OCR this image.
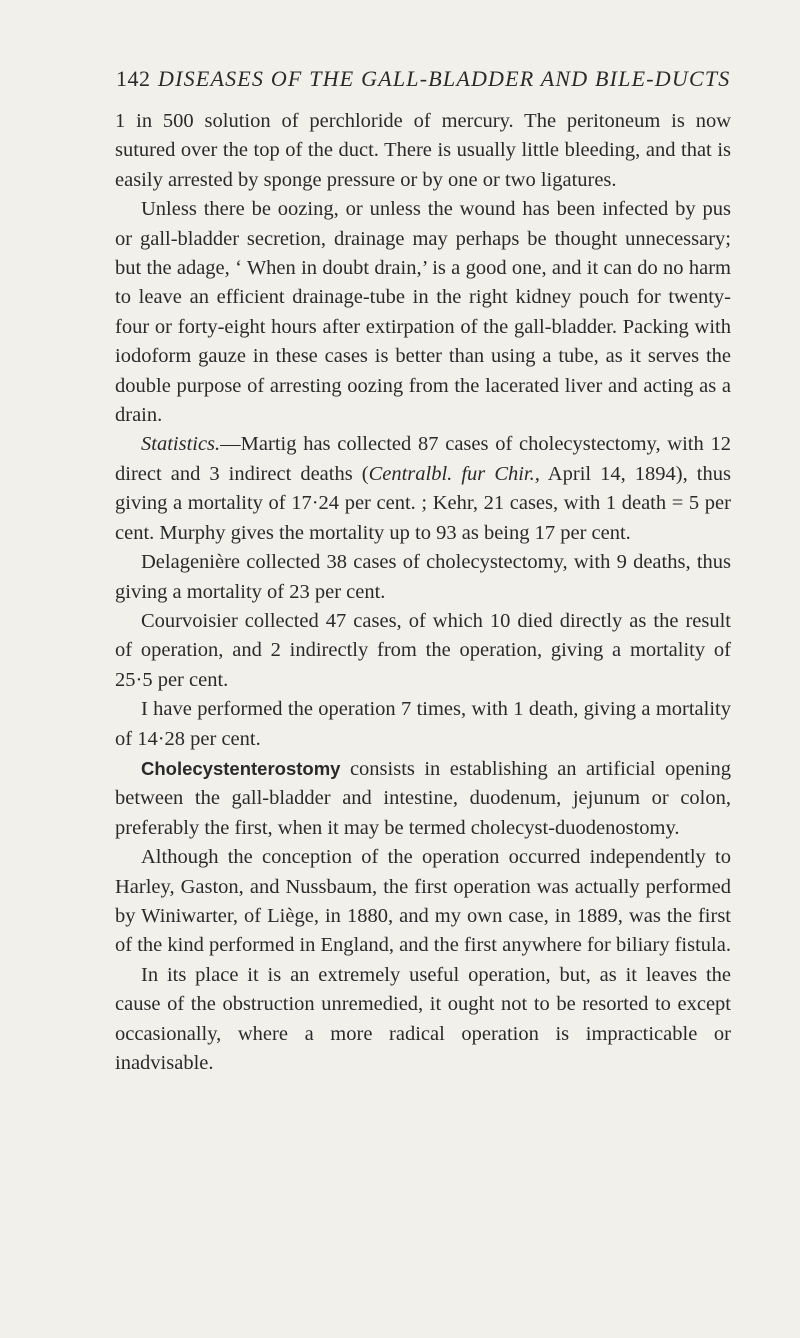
142 DISEASES OF THE GALL-BLADDER AND BILE-DUCTS

1 in 500 solution of perchloride of mercury. The peritoneum is now sutured over the top of the duct. There is usually little bleeding, and that is easily arrested by sponge pressure or by one or two ligatures.

Unless there be oozing, or unless the wound has been infected by pus or gall-bladder secretion, drainage may perhaps be thought unnecessary; but the adage, ‘ When in doubt drain,’ is a good one, and it can do no harm to leave an efficient drainage-tube in the right kidney pouch for twenty-four or forty-eight hours after extirpation of the gall-bladder. Packing with iodoform gauze in these cases is better than using a tube, as it serves the double purpose of arresting oozing from the lacerated liver and acting as a drain.

Statistics.—Martig has collected 87 cases of cholecystectomy, with 12 direct and 3 indirect deaths (Centralbl. fur Chir., April 14, 1894), thus giving a mortality of 17·24 per cent. ; Kehr, 21 cases, with 1 death = 5 per cent. Murphy gives the mortality up to 93 as being 17 per cent.

Delagenière collected 38 cases of cholecystectomy, with 9 deaths, thus giving a mortality of 23 per cent.

Courvoisier collected 47 cases, of which 10 died directly as the result of operation, and 2 indirectly from the operation, giving a mortality of 25·5 per cent.

I have performed the operation 7 times, with 1 death, giving a mortality of 14·28 per cent.

Cholecystenterostomy consists in establishing an artificial opening between the gall-bladder and intestine, duodenum, jejunum or colon, preferably the first, when it may be termed cholecyst-duodenostomy.

Although the conception of the operation occurred independently to Harley, Gaston, and Nussbaum, the first operation was actually performed by Winiwarter, of Liège, in 1880, and my own case, in 1889, was the first of the kind performed in England, and the first anywhere for biliary fistula.

In its place it is an extremely useful operation, but, as it leaves the cause of the obstruction unremedied, it ought not to be resorted to except occasionally, where a more radical operation is impracticable or inadvisable.
